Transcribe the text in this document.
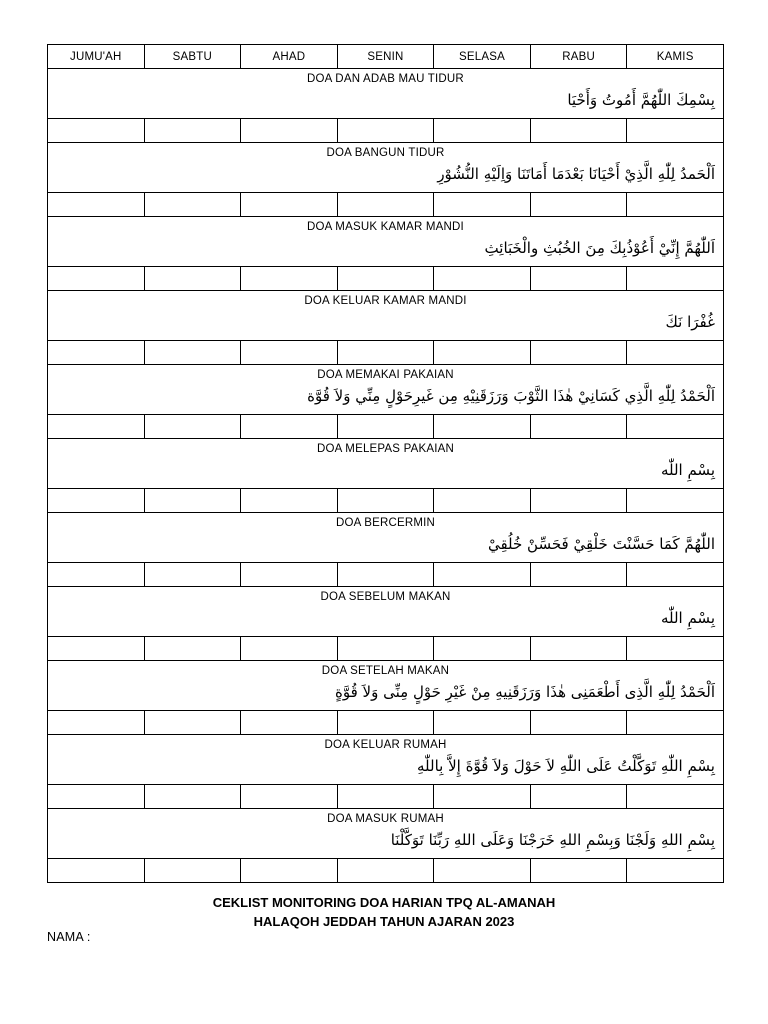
JUMU'AH	SABTU	AHAD	SENIN	SELASA	RABU	KAMIS

DOA DAN ADAB MAU TIDUR
بِسْمِكَ اللّٰهُمَّ أَمُوتُ وَأَحْيَا						

DOA BANGUN TIDUR
اَلْحَمدُ لِلّٰهِ الَّذِيْ أَحْيَانَا بَعْدَمَا أَمَاتَنَا وَاِلَيْهِ النُّشُوْرِ						

DOA MASUK KAMAR MANDI
اَللّٰهُمَّ إِنِّيْ أَعُوْذُبِكَ مِنَ الخُبُثِ والْخَبَائِثِ						

DOA KELUAR KAMAR MANDI
غُفْرَا نَكَ						

DOA MEMAKAI PAKAIAN
اَلْحَمْدُ لِلّٰهِ الَّذِي كَسَانِيْ هٰذَا الثَّوْبَ وَرَزَقَنِيْهِ مِن غَيرِحَوْلٍ مِنِّي وَلاَ قُوَّة						

DOA MELEPAS PAKAIAN
بِسْمِ اللّٰه						

DOA BERCERMIN
اللّٰهُمَّ كَمَا حَسَّنْتَ خَلْقِيْ فَحَسِّنْ خُلُقِيْ						

DOA SEBELUM MAKAN
بِسْمِ اللّٰه						

DOA SETELAH MAKAN
اَلْحَمْدُ لِلّٰهِ الَّذِى أَطْعَمَنِى هٰذَا وَرَزَقَنِيهِ مِنْ غَيْرِ حَوْلٍ مِنِّى وَلاَ قُوَّةٍ						

DOA KELUAR RUMAH
بِسْمِ اللّٰهِ تَوَكَّلْتُ عَلَى اللّٰهِ لاَ حَوْلَ وَلاَ قُوَّةَ إِلاَّ بِاللّٰهِ						

DOA MASUK RUMAH
بِسْمِ اللهِ وَلَجْنَا وَبِسْمِ اللهِ خَرَجْنَا وَعَلَى اللهِ رَبِّنَا تَوَكَّلْنَا						

CEKLIST MONITORING DOA HARIAN TPQ AL-AMANAH
HALAQOH JEDDAH TAHUN AJARAN 2023
NAMA :
